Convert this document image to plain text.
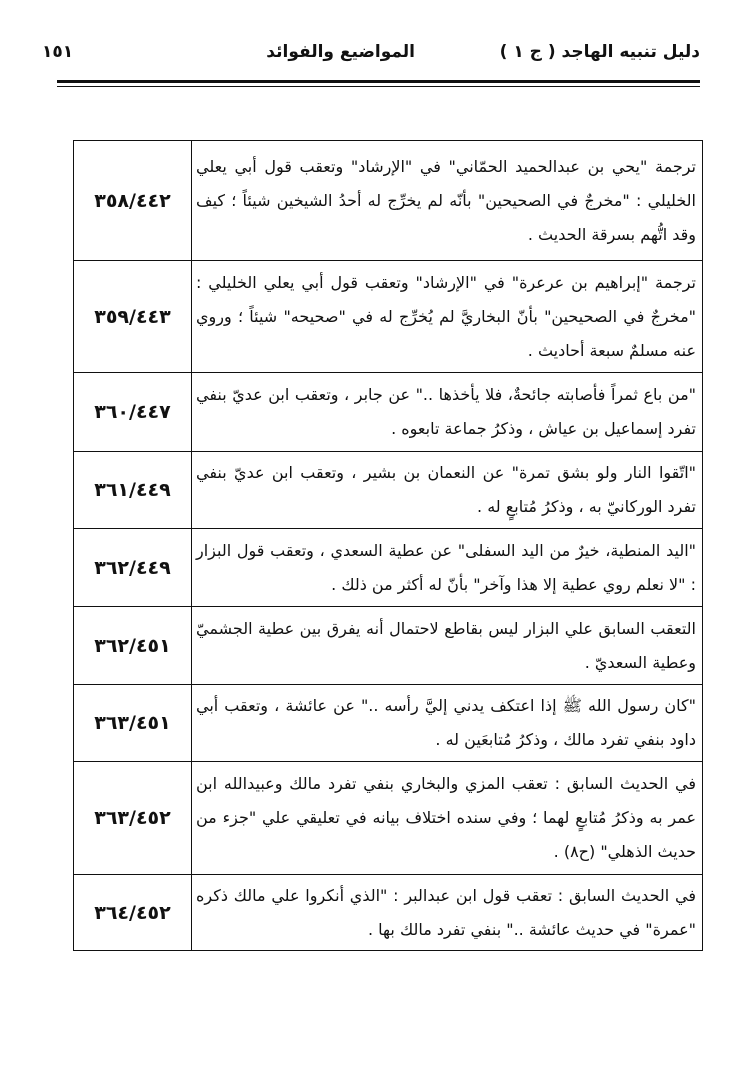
دليل تنبيه الهاجد ( ج ١ )
المواضيع والفوائد
١٥١
ترجمة "يحي بن عبدالحميد الحمّاني" في "الإرشاد" وتعقب قول أبي يعلي الخليلي : "مخرجٌ في الصحيحين" بأنّه لم يخرِّج له أحدُ الشيخين شيئاً ؛ كيف وقد اتُّهم بسرقة الحديث .	٣٥٨/٤٤٢
ترجمة "إبراهيم بن عرعرة" في "الإرشاد" وتعقب قول أبي يعلي الخليلي : "مخرجٌ في الصحيحين" بأنّ البخاريَّ لم يُخرِّج له في "صحيحه" شيئاً ؛ وروي عنه مسلمٌ سبعة أحاديث .	٣٥٩/٤٤٣
"من باع ثمراً فأصابته جائحةٌ، فلا يأخذها .." عن جابر ، وتعقب ابن عديّ بنفي تفرد إسماعيل بن عياش ، وذكرُ جماعة تابعوه .	٣٦٠/٤٤٧
"اتّقوا النار ولو بشق تمرة" عن النعمان بن بشير ، وتعقب ابن عديّ بنفي تفرد الوركانيّ به ، وذكرُ مُتابعٍ له .	٣٦١/٤٤٩
"اليد المنطية، خيرٌ من اليد السفلى" عن عطية السعدي ، وتعقب قول البزار : "لا نعلم روي عطية إلا هذا وآخر" بأنّ له أكثر من ذلك .	٣٦٢/٤٤٩
التعقب السابق علي البزار ليس بقاطع لاحتمال أنه يفرق بين عطية الجشميّ وعطية السعديّ .	٣٦٢/٤٥١
"كان رسول الله ﷺ إذا اعتكف يدني إليَّ رأسه .." عن عائشة ، وتعقب أبي داود بنفي تفرد مالك ، وذكرُ مُتابعَين له .	٣٦٣/٤٥١
في الحديث السابق : تعقب المزي والبخاري بنفي تفرد مالك وعبيدالله ابن عمر به وذكرُ مُتابعٍ لهما ؛ وفي سنده اختلاف بيانه في تعليقي علي "جزء من حديث الذهلي" (ح٨) .	٣٦٣/٤٥٢
في الحديث السابق : تعقب قول ابن عبدالبر : "الذي أنكروا علي مالك ذكره "عمرة" في حديث عائشة .." بنفي تفرد مالك بها .	٣٦٤/٤٥٢
